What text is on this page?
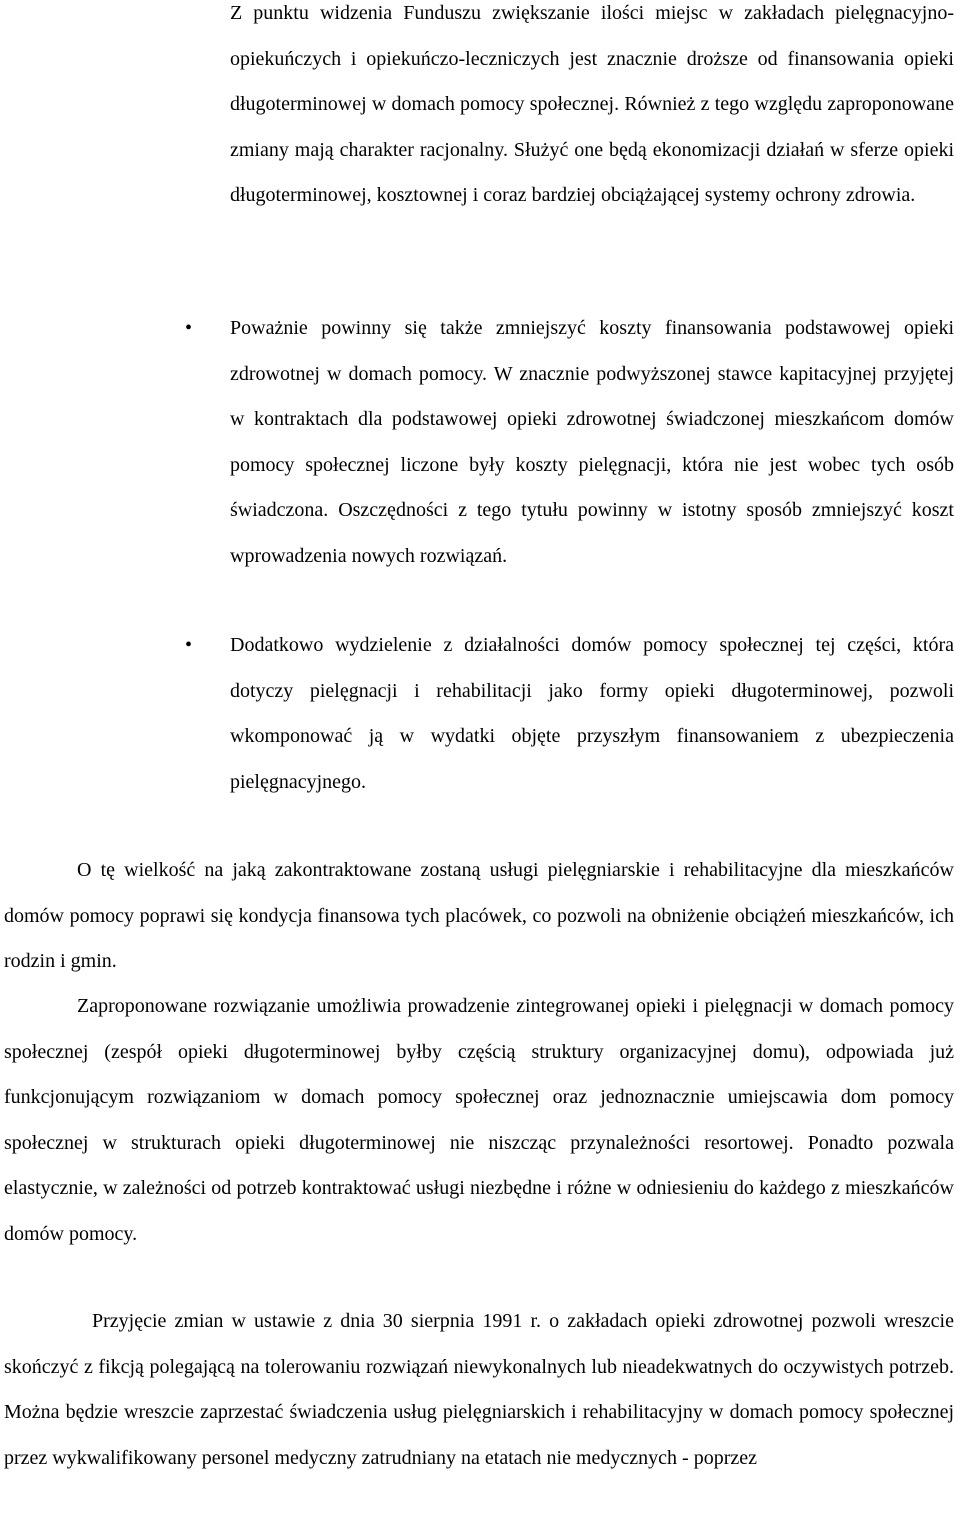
Z punktu widzenia Funduszu zwiększanie ilości miejsc w zakładach pielęgnacyjno-opiekuńczych i opiekuńczo-leczniczych jest znacznie droższe od finansowania opieki długoterminowej w domach pomocy społecznej. Również z tego względu zaproponowane zmiany mają charakter racjonalny. Służyć one będą ekonomizacji działań w sferze opieki długoterminowej, kosztownej i coraz bardziej obciążającej systemy ochrony zdrowia.

• Poważnie powinny się także zmniejszyć koszty finansowania podstawowej opieki zdrowotnej w domach pomocy. W znacznie podwyższonej stawce kapitacyjnej przyjętej w kontraktach dla podstawowej opieki zdrowotnej świadczonej mieszkańcom domów pomocy społecznej liczone były koszty pielęgnacji, która nie jest wobec tych osób świadczona. Oszczędności z tego tytułu powinny w istotny sposób zmniejszyć koszt wprowadzenia nowych rozwiązań.

• Dodatkowo wydzielenie z działalności domów pomocy społecznej tej części, która dotyczy pielęgnacji i rehabilitacji jako formy opieki długoterminowej, pozwoli wkomponować ją w wydatki objęte przyszłym finansowaniem z ubezpieczenia pielęgnacyjnego.

O tę wielkość na jaką zakontraktowane zostaną usługi pielęgniarskie i rehabilitacyjne dla mieszkańców domów pomocy poprawi się kondycja finansowa tych placówek, co pozwoli na obniżenie obciążeń mieszkańców, ich rodzin i gmin.

Zaproponowane rozwiązanie umożliwia prowadzenie zintegrowanej opieki i pielęgnacji w domach pomocy społecznej (zespół opieki długoterminowej byłby częścią struktury organizacyjnej domu), odpowiada już funkcjonującym rozwiązaniom w domach pomocy społecznej oraz jednoznacznie umiejscawia dom pomocy społecznej w strukturach opieki długoterminowej nie niszcząc przynależności resortowej. Ponadto pozwala elastycznie, w zależności od potrzeb kontraktować usługi niezbędne i różne w odniesieniu do każdego z mieszkańców domów pomocy.

Przyjęcie zmian w ustawie z dnia 30 sierpnia 1991 r. o zakładach opieki zdrowotnej pozwoli wreszcie skończyć z fikcją polegającą na tolerowaniu rozwiązań niewykonalnych lub nieadekwatnych do oczywistych potrzeb. Można będzie wreszcie zaprzestać świadczenia usług pielęgniarskich i rehabilitacyjny w domach pomocy społecznej przez wykwalifikowany personel medyczny zatrudniany na etatach nie medycznych - poprzez
